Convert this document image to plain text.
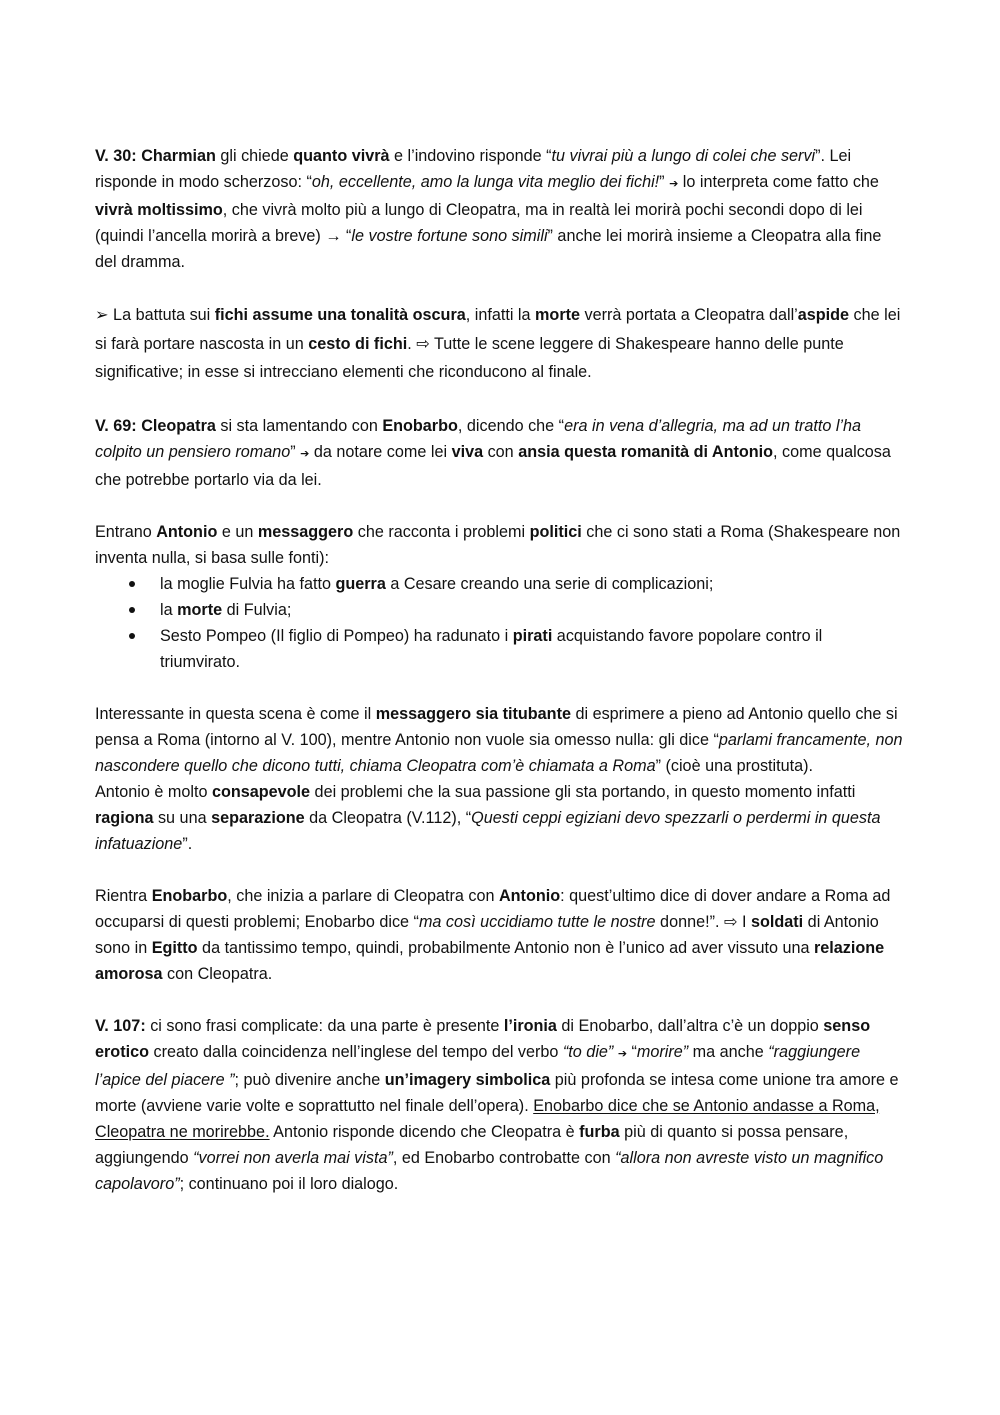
V. 30: Charmian gli chiede quanto vivrà e l’indovino risponde “tu vivrai più a lungo di colei che servi”. Lei risponde in modo scherzoso: “oh, eccellente, amo la lunga vita meglio dei fichi!” ➔ lo interpreta come fatto che vivrà moltissimo, che vivrà molto più a lungo di Cleopatra, ma in realtà lei morirà pochi secondi dopo di lei (quindi l’ancella morirà a breve) → “le vostre fortune sono simili” anche lei morirà insieme a Cleopatra alla fine del dramma.

➢ La battuta sui fichi assume una tonalità oscura, infatti la morte verrà portata a Cleopatra dall’aspide che lei si farà portare nascosta in un cesto di fichi. ⇨ Tutte le scene leggere di Shakespeare hanno delle punte significative; in esse si intrecciano elementi che riconducono al finale.

V. 69: Cleopatra si sta lamentando con Enobarbo, dicendo che “era in vena d’allegria, ma ad un tratto l’ha colpito un pensiero romano” ➔ da notare come lei viva con ansia questa romanità di Antonio, come qualcosa che potrebbe portarlo via da lei.

Entrano Antonio e un messaggero che racconta i problemi politici che ci sono stati a Roma (Shakespeare non inventa nulla, si basa sulle fonti):

la moglie Fulvia ha fatto guerra a Cesare creando una serie di complicazioni;
la morte di Fulvia;
Sesto Pompeo (Il figlio di Pompeo) ha radunato i pirati acquistando favore popolare contro il triumvirato.

Interessante in questa scena è come il messaggero sia titubante di esprimere a pieno ad Antonio quello che si pensa a Roma (intorno al V. 100), mentre Antonio non vuole sia omesso nulla: gli dice “parlami francamente, non nascondere quello che dicono tutti, chiama Cleopatra com’è chiamata a Roma” (cioè una prostituta).

Antonio è molto consapevole dei problemi che la sua passione gli sta portando, in questo momento infatti ragiona su una separazione da Cleopatra (V.112), “Questi ceppi egiziani devo spezzarli o perdermi in questa infatuazione”.

Rientra Enobarbo, che inizia a parlare di Cleopatra con Antonio: quest’ultimo dice di dover andare a Roma ad occuparsi di questi problemi; Enobarbo dice “ma così uccidiamo tutte le nostre donne!”. ⇨ I soldati di Antonio sono in Egitto da tantissimo tempo, quindi, probabilmente Antonio non è l’unico ad aver vissuto una relazione amorosa con Cleopatra.

V. 107: ci sono frasi complicate: da una parte è presente l’ironia di Enobarbo, dall’altra c’è un doppio senso erotico creato dalla coincidenza nell’inglese del tempo del verbo “to die” ➔ “morire” ma anche “raggiungere l’apice del piacere ”; può divenire anche un’imagery simbolica più profonda se intesa come unione tra amore e morte (avviene varie volte e soprattutto nel finale dell’opera). Enobarbo dice che se Antonio andasse a Roma, Cleopatra ne morirebbe. Antonio risponde dicendo che Cleopatra è furba più di quanto si possa pensare, aggiungendo “vorrei non averla mai vista”, ed Enobarbo controbatte con “allora non avreste visto un magnifico capolavoro”; continuano poi il loro dialogo.
